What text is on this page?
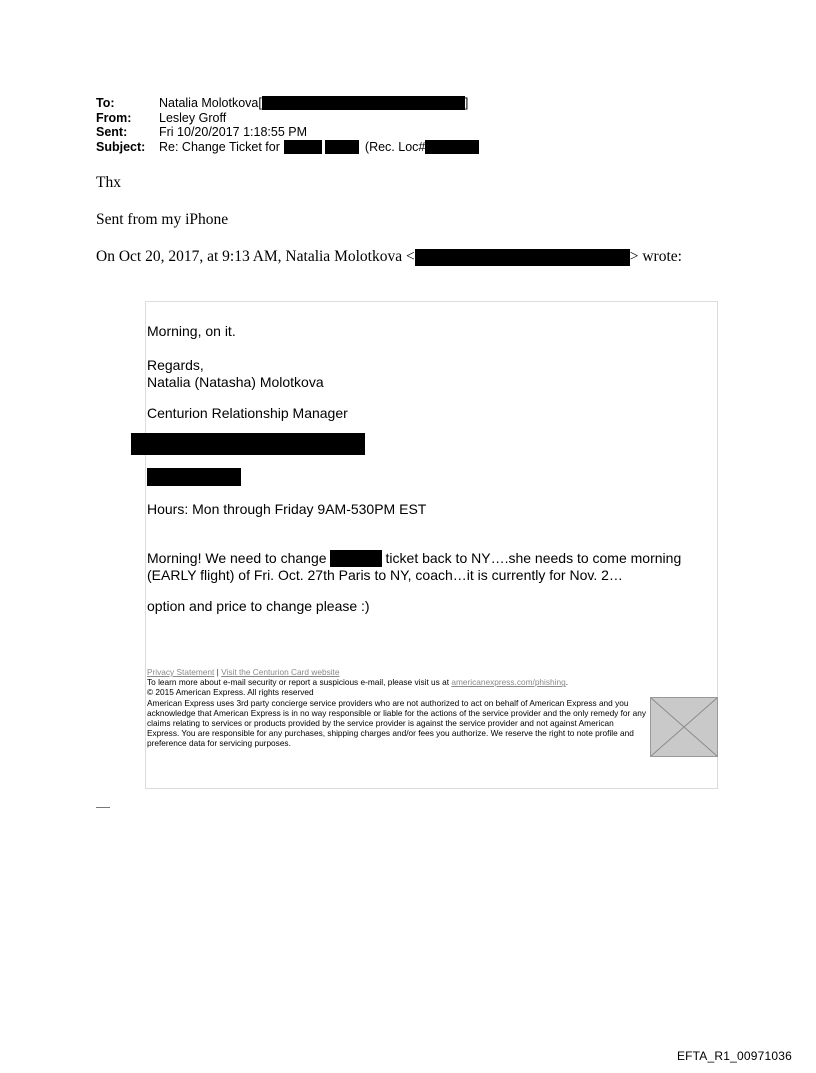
To:	Natalia Molotkova[	]
From:	Lesley Groff
Sent:	Fri 10/20/2017 1:18:55 PM
Subject:	Re: Change Ticket for	(Rec. Loc#
Thx
Sent from my iPhone
On Oct 20, 2017, at 9:13 AM, Natalia Molotkova <	> wrote:
Morning, on it.
Regards,
Natalia (Natasha) Molotkova
Centurion Relationship Manager
Hours: Mon through Friday 9AM-530PM EST
Morning! We need to change	ticket back to NY….she needs to come morning
(EARLY flight) of Fri. Oct. 27th Paris to NY, coach…it is currently for Nov. 2…
option and price to change please :)
Privacy Statement | Visit the Centurion Card website
To learn more about e-mail security or report a suspicious e-mail, please visit us at americanexpress.com/phishing.
© 2015 American Express. All rights reserved
American Express uses 3rd party concierge service providers who are not authorized to act on behalf of American Express and you acknowledge that American Express is in no way responsible or liable for the actions of the service provider and the only remedy for any claims relating to services or products provided by the service provider is against the service provider and not against American Express. You are responsible for any purchases, shipping charges and/or fees you authorize. We reserve the right to note profile and preference data for servicing purposes.
EFTA_R1_00971036
